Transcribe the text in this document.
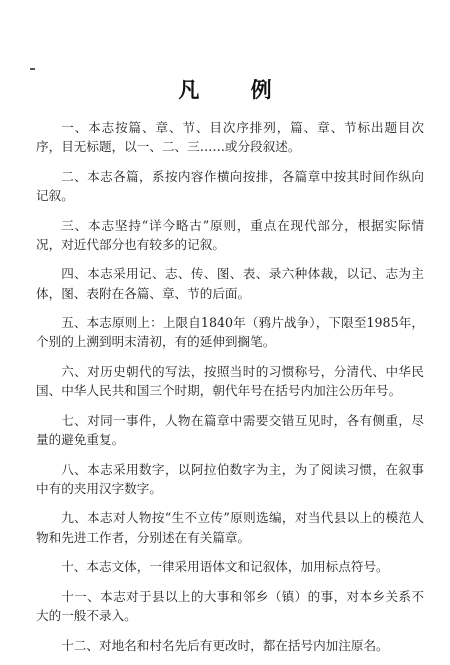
凡 例

一、本志按篇、章、节、目次序排列，篇、章、节标出题目次序，目无标题，以一、二、三……或分段叙述。

二、本志各篇，系按内容作横向按排，各篇章中按其时间作纵向记叙。

三、本志坚持“详今略古”原则，重点在现代部分，根据实际情况，对近代部分也有较多的记叙。

四、本志采用记、志、传、图、表、录六种体裁，以记、志为主体，图、表附在各篇、章、节的后面。

五、本志原则上：上限自1840年（鸦片战争），下限至1985年，个别的上溯到明末清初，有的延伸到搁笔。

六、对历史朝代的写法，按照当时的习惯称号，分清代、中华民国、中华人民共和国三个时期，朝代年号在括号内加注公历年号。

七、对同一事件，人物在篇章中需要交错互见时，各有侧重，尽量的避免重复。

八、本志采用数字，以阿拉伯数字为主，为了阅读习惯，在叙事中有的夹用汉字数字。

九、本志对人物按“生不立传”原则选编，对当代县以上的模范人物和先进工作者，分别述在有关篇章。

十、本志文体，一律采用语体文和记叙体，加用标点符号。

十一、本志对于县以上的大事和邻乡（镇）的事，对本乡关系不大的一般不录入。

十二、对地名和村名先后有更改时，都在括号内加注原名。
